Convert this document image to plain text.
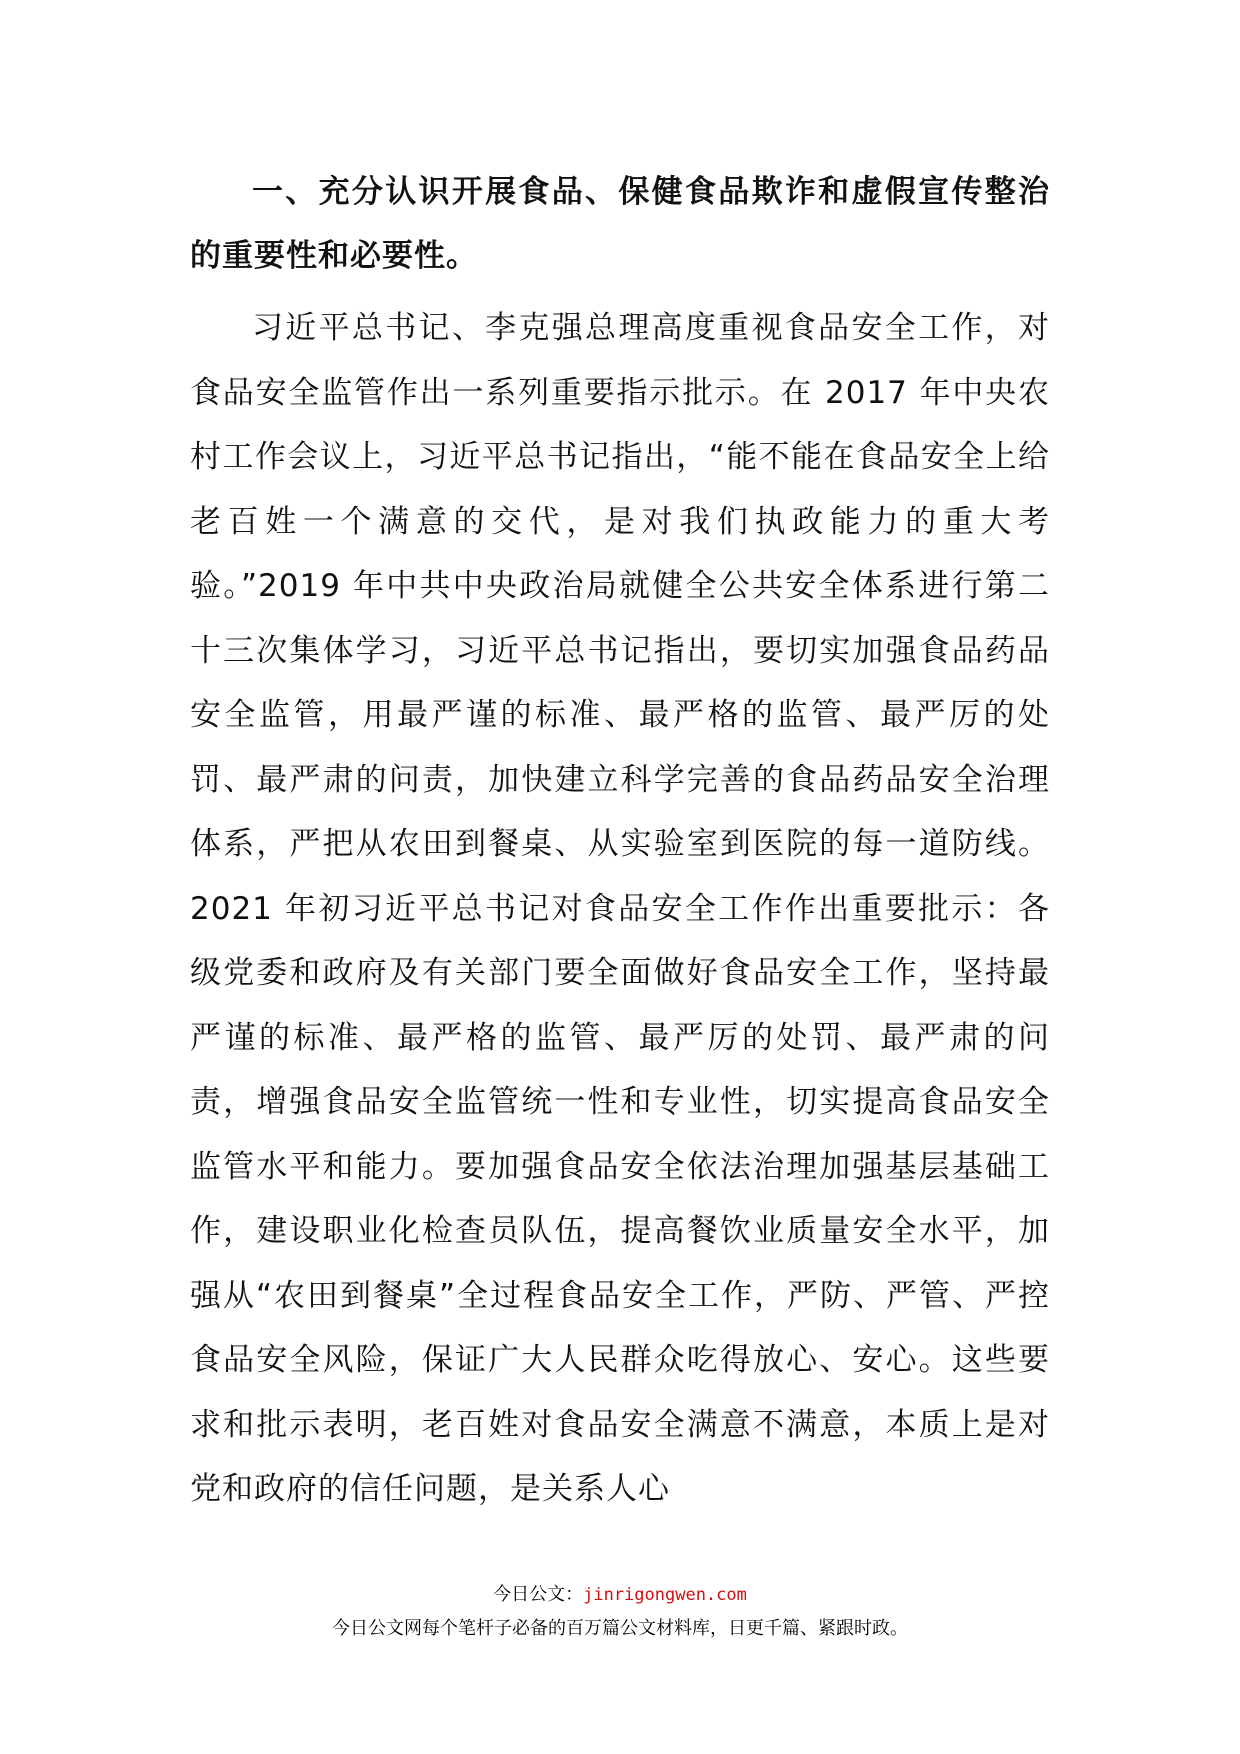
一、充分认识开展食品、保健食品欺诈和虚假宣传整治的重要性和必要性。

习近平总书记、李克强总理高度重视食品安全工作，对食品安全监管作出一系列重要指示批示。在 2017 年中央农村工作会议上，习近平总书记指出，“能不能在食品安全上给老百姓一个满意的交代，是对我们执政能力的重大考验。”2019 年中共中央政治局就健全公共安全体系进行第二十三次集体学习，习近平总书记指出，要切实加强食品药品安全监管，用最严谨的标准、最严格的监管、最严厉的处罚、最严肃的问责，加快建立科学完善的食品药品安全治理体系，严把从农田到餐桌、从实验室到医院的每一道防线。2021 年初习近平总书记对食品安全工作作出重要批示：各级党委和政府及有关部门要全面做好食品安全工作，坚持最严谨的标准、最严格的监管、最严厉的处罚、最严肃的问责，增强食品安全监管统一性和专业性，切实提高食品安全监管水平和能力。要加强食品安全依法治理加强基层基础工作，建设职业化检查员队伍，提高餐饮业质量安全水平，加强从“农田到餐桌”全过程食品安全工作，严防、严管、严控食品安全风险，保证广大人民群众吃得放心、安心。这些要求和批示表明，老百姓对食品安全满意不满意，本质上是对党和政府的信任问题，是关系人心

今日公文：jinrigongwen.com
今日公文网每个笔杆子必备的百万篇公文材料库，日更千篇、紧跟时政。
